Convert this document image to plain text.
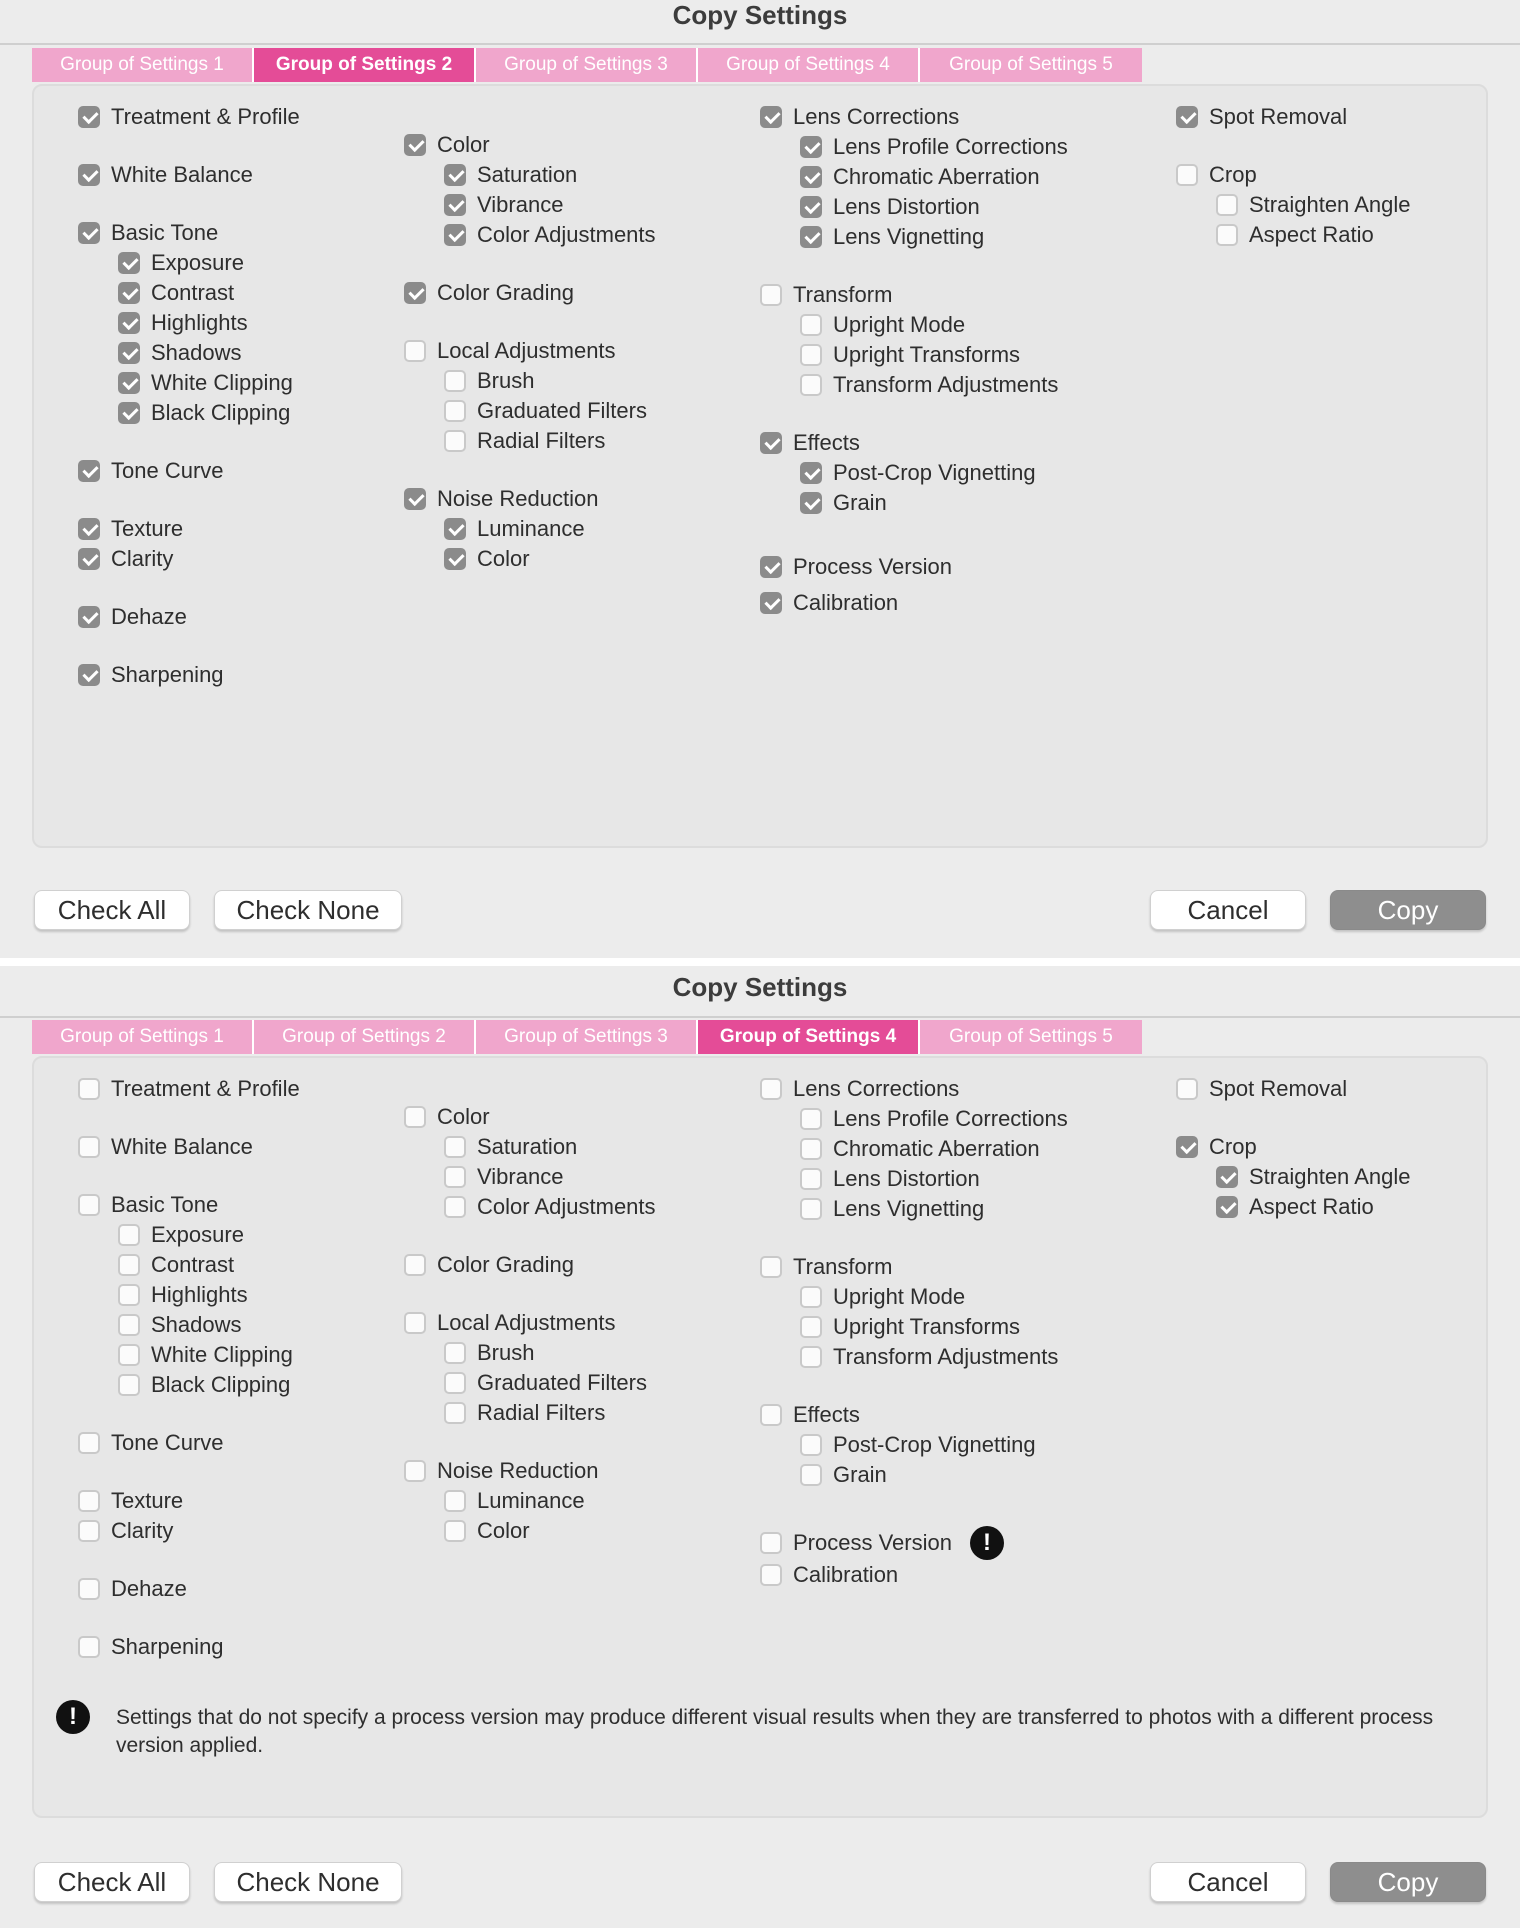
Copy Settings
Group of Settings 1	Group of Settings 2	Group of Settings 3	Group of Settings 4	Group of Settings 5
Treatment & Profile
White Balance
Basic Tone
Exposure
Contrast
Highlights
Shadows
White Clipping
Black Clipping
Tone Curve
Texture
Clarity
Dehaze
Sharpening
Color
Saturation
Vibrance
Color Adjustments
Color Grading
Local Adjustments
Brush
Graduated Filters
Radial Filters
Noise Reduction
Luminance
Color
Lens Corrections
Lens Profile Corrections
Chromatic Aberration
Lens Distortion
Lens Vignetting
Transform
Upright Mode
Upright Transforms
Transform Adjustments
Effects
Post-Crop Vignetting
Grain
Process Version
Calibration
Spot Removal
Crop
Straighten Angle
Aspect Ratio
Check All	Check None	Cancel	Copy
Copy Settings
Group of Settings 1	Group of Settings 2	Group of Settings 3	Group of Settings 4	Group of Settings 5
Treatment & Profile
White Balance
Basic Tone
Exposure
Contrast
Highlights
Shadows
White Clipping
Black Clipping
Tone Curve
Texture
Clarity
Dehaze
Sharpening
Color
Saturation
Vibrance
Color Adjustments
Color Grading
Local Adjustments
Brush
Graduated Filters
Radial Filters
Noise Reduction
Luminance
Color
Lens Corrections
Lens Profile Corrections
Chromatic Aberration
Lens Distortion
Lens Vignetting
Transform
Upright Mode
Upright Transforms
Transform Adjustments
Effects
Post-Crop Vignetting
Grain
Process Version	!
Calibration
Spot Removal
Crop
Straighten Angle
Aspect Ratio
!	Settings that do not specify a process version may produce different visual results when they are transferred to photos with a different process version applied.
Check All	Check None	Cancel	Copy
